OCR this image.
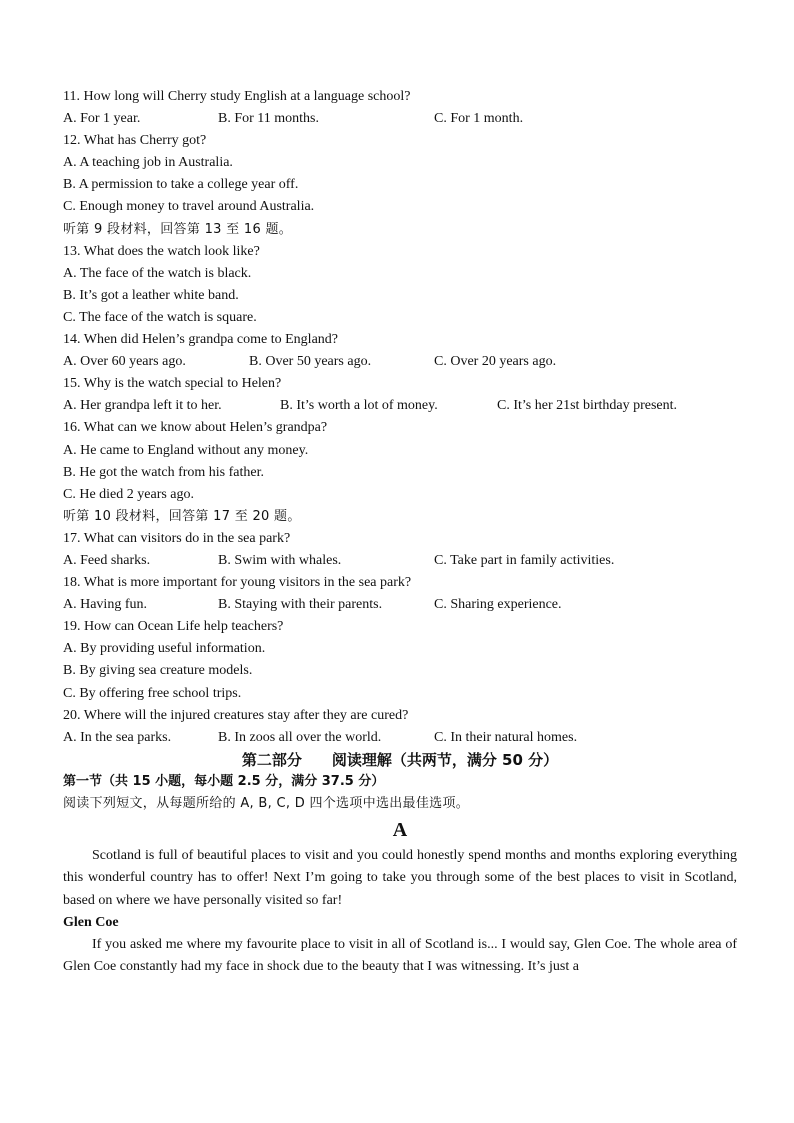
11. How long will Cherry study English at a language school?
A. For 1 year.	B. For 11 months.	C. For 1 month.
12. What has Cherry got?
A. A teaching job in Australia.
B. A permission to take a college year off.
C. Enough money to travel around Australia.
听第 9 段材料，回答第 13 至 16 题。
13. What does the watch look like?
A. The face of the watch is black.
B. It’s got a leather white band.
C. The face of the watch is square.
14. When did Helen’s grandpa come to England?
A. Over 60 years ago.	B. Over 50 years ago.	C. Over 20 years ago.
15. Why is the watch special to Helen?
A. Her grandpa left it to her.	B. It’s worth a lot of money.	C. It’s her 21st birthday present.
16. What can we know about Helen’s grandpa?
A. He came to England without any money.
B. He got the watch from his father.
C. He died 2 years ago.
听第 10 段材料，回答第 17 至 20 题。
17. What can visitors do in the sea park?
A. Feed sharks.	B. Swim with whales.	C. Take part in family activities.
18. What is more important for young visitors in the sea park?
A. Having fun.	B. Staying with their parents.	C. Sharing experience.
19. How can Ocean Life help teachers?
A. By providing useful information.
B. By giving sea creature models.
C. By offering free school trips.
20. Where will the injured creatures stay after they are cured?
A. In the sea parks.	B. In zoos all over the world.	C. In their natural homes.
第二部分　　阅读理解（共两节，满分 50 分）
第一节（共 15 小题，每小题 2.5 分，满分 37.5 分）
阅读下列短文，从每题所给的 A, B, C, D 四个选项中选出最佳选项。
A

Scotland is full of beautiful places to visit and you could honestly spend months and months exploring everything this wonderful country has to offer! Next I’m going to take you through some of the best places to visit in Scotland, based on where we have personally visited so far!

Glen Coe

If you asked me where my favourite place to visit in all of Scotland is... I would say, Glen Coe. The whole area of Glen Coe constantly had my face in shock due to the beauty that I was witnessing. It’s just a
